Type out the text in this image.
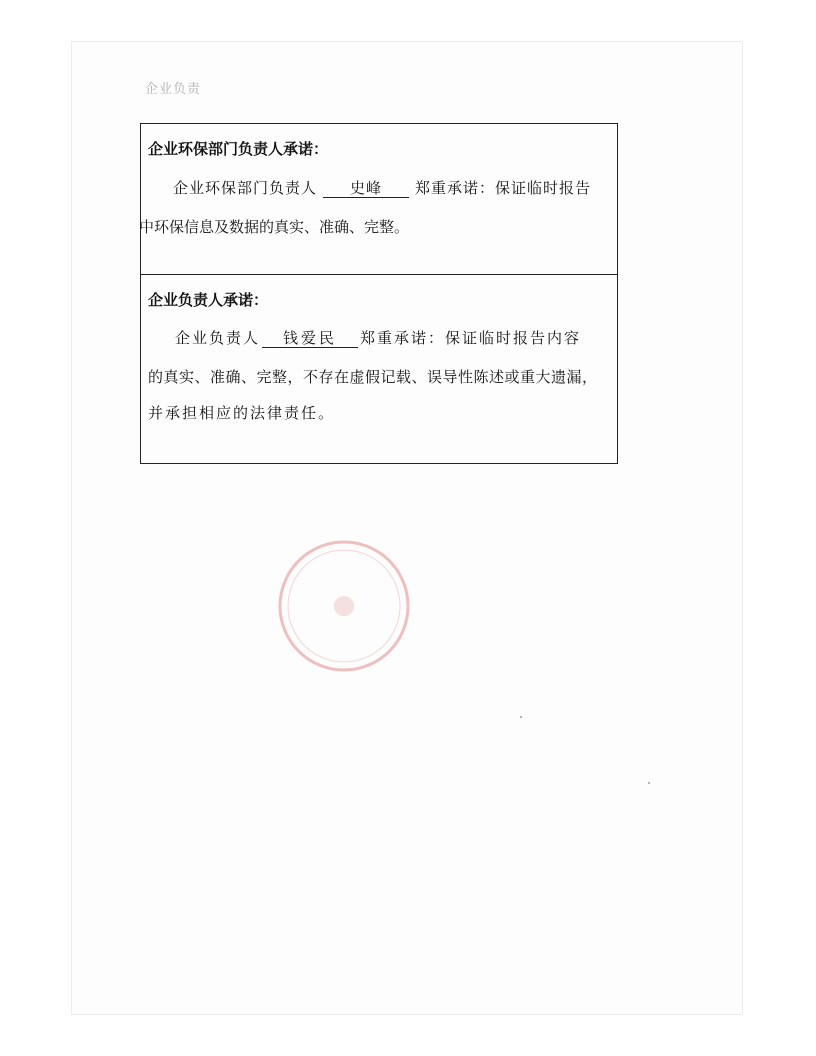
企业负责
企业环保部门负责人承诺：
企业环保部门负责人 史峰 郑重承诺：保证临时报告
中环保信息及数据的真实、准确、完整。
企业负责人承诺：
企业负责人 钱爱民 郑重承诺：保证临时报告内容
的真实、准确、完整，不存在虚假记载、误导性陈述或重大遗漏，
并承担相应的法律责任。
